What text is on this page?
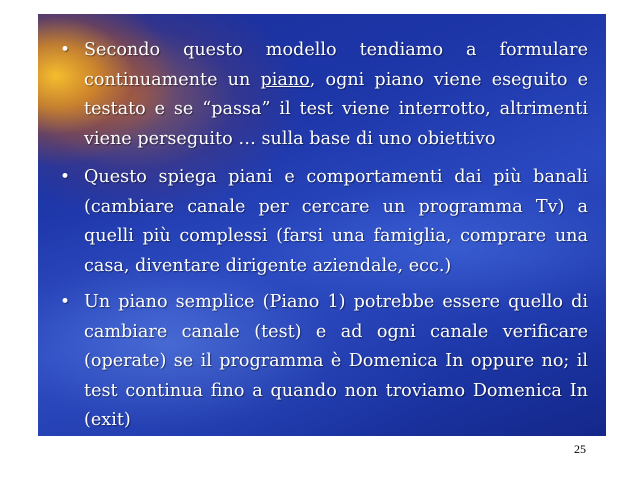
• Secondo questo modello tendiamo a formulare continuamente un piano, ogni piano viene eseguito e testato e se “passa” il test viene interrotto, altrimenti viene perseguito … sulla base di uno obiettivo
• Questo spiega piani e comportamenti dai più banali (cambiare canale per cercare un programma Tv) a quelli più complessi (farsi una famiglia, comprare una casa, diventare dirigente aziendale, ecc.)
• Un piano semplice (Piano 1) potrebbe essere quello di cambiare canale (test) e ad ogni canale verificare (operate) se il programma è Domenica In oppure no; il test continua fino a quando non troviamo Domenica In (exit)
25
